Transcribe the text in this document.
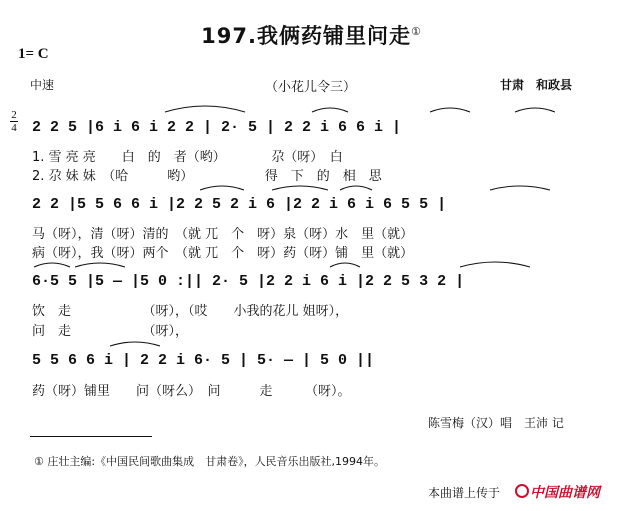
197.我俩药铺里问走①
1= C
中速	（小花儿令三）	甘肃　和政县
2
4 2 2 5 |6 i 6 i 2 2 | 2· 5 | 2 2 i 6 6 i |
1. 雪 亮 亮　　白　的　者（哟）　　　　尕（呀）　白
2. 尕 妹 妹　（哈　　　哟）　　　　　　得　下　的　相　思
2 2 |5 5 6 6 i |2 2 5 2 i 6 |2 2 i 6 i 6 5 5 |
马（呀），清（呀）清的　（就 兀　个　呀）泉（呀）水　里（就）
病（呀），我（呀）两个　（就 兀　个　呀）药（呀）铺　里（就）
6·5 5 |5 — |5 0 :|| 2· 5 |2 2 i 6 i |2 2 5 3 2 |
饮　走　　　　　　（呀），（哎　　小我的花儿 姐呀），
问　走　　　　　　（呀），
5 5 6 6 i | 2 2 i 6· 5 | 5· — | 5 0 ||
药（呀）铺里　　问（呀么）　问　　　走　　　（呀）。
陈雪梅（汉）唱　王沛 记
① 庄壮主编:《中国民间歌曲集成　甘肃卷》，人民音乐出版社,1994年。
本曲谱上传于 中国曲谱网
